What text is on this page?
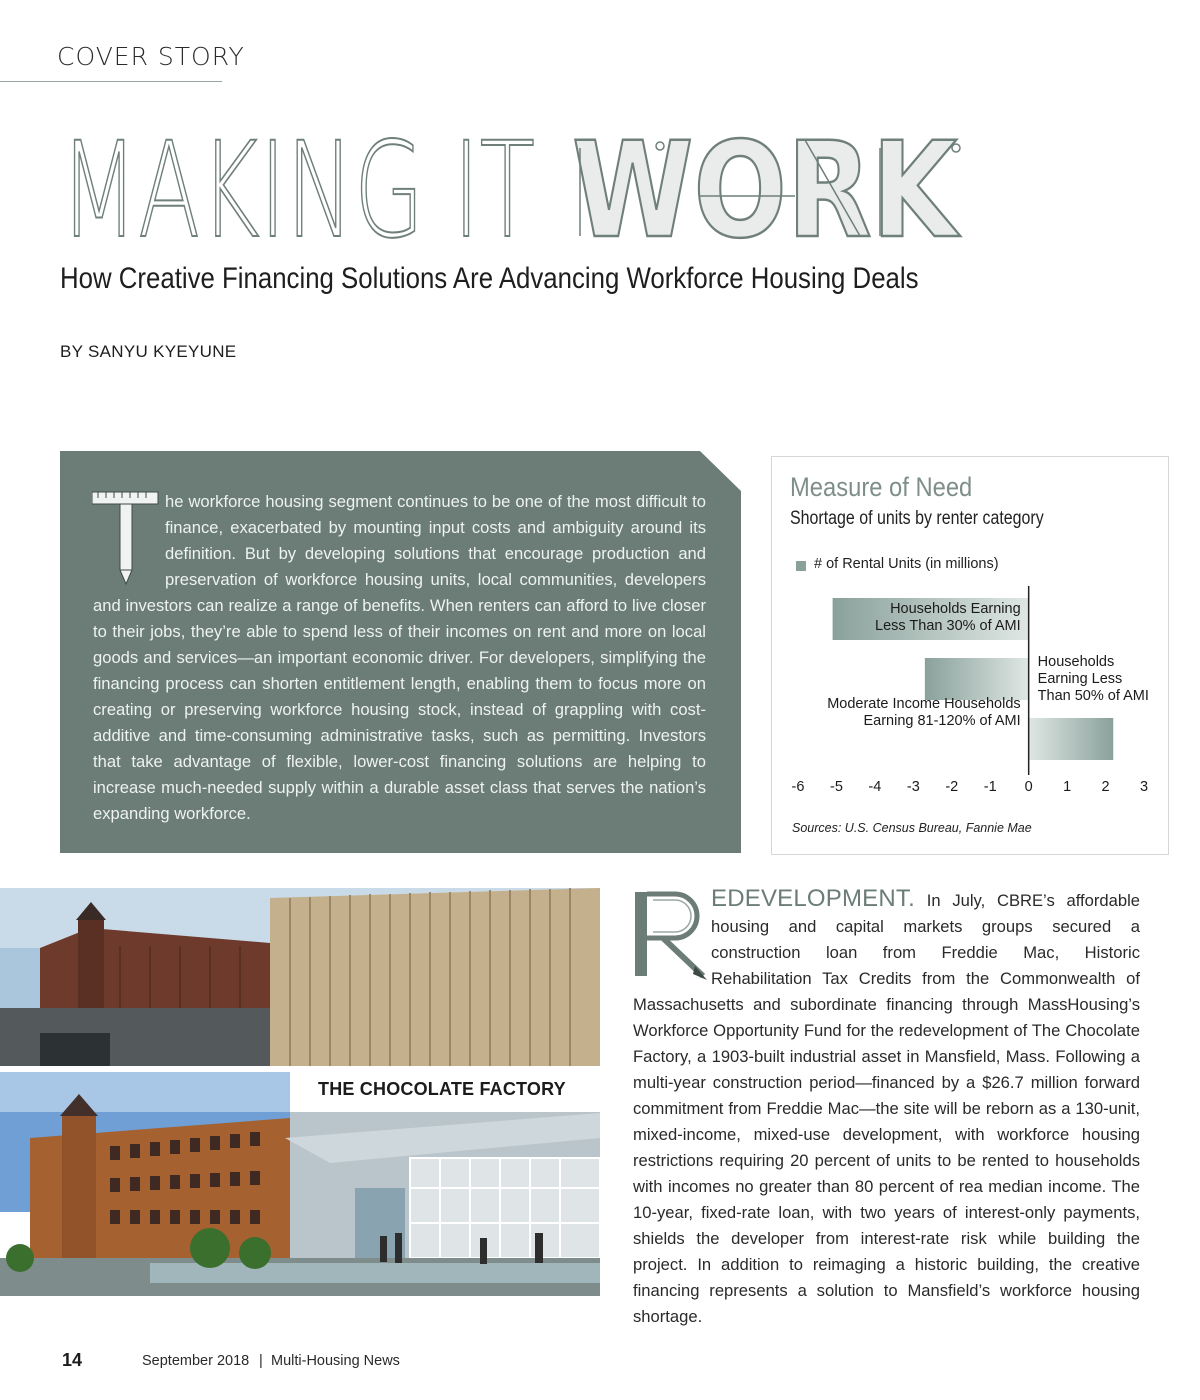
COVER STORY
MAKING IT WORK
How Creative Financing Solutions Are Advancing Workforce Housing Deals
BY SANYU KYEYUNE
he workforce housing segment continues to be one of the most difficult to finance, exacerbated by mounting input costs and ambiguity around its definition. But by developing solutions that encourage production and preservation of workforce housing units, local communities, developers and investors can realize a range of benefits. When renters can afford to live closer to their jobs, they’re able to spend less of their incomes on rent and more on local goods and services—an important economic driver. For developers, simplifying the financing process can shorten entitlement length, enabling them to focus more on creating or preserving workforce housing stock, instead of grappling with cost-additive and time-consuming administrative tasks, such as permitting. Investors that take advantage of flexible, lower-cost financing solutions are helping to increase much-needed supply within a durable asset class that serves the nation’s expanding workforce.
Measure of Need
Shortage of units by renter category
# of Rental Units (in millions)
Households Earning Less Than 30% of AMI
Households Earning Less Than 50% of AMI
Moderate Income Households Earning 81-120% of AMI
-6 -5 -4 -3 -2 -1 0 1 2 3
Sources: U.S. Census Bureau, Fannie Mae
THE CHOCOLATE FACTORY
EDEVELOPMENT. In July, CBRE’s affordable housing and capital markets groups secured a construction loan from Freddie Mac, Historic Rehabilitation Tax Credits from the Commonwealth of Massachusetts and subordinate financing through MassHousing’s Workforce Opportunity Fund for the redevelopment of The Chocolate Factory, a 1903-built industrial asset in Mansfield, Mass. Following a multi-year construction period—financed by a $26.7 million forward commitment from Freddie Mac—the site will be reborn as a 130-unit, mixed-income, mixed-use development, with workforce housing restrictions requiring 20 percent of units to be rented to households with incomes no greater than 80 percent of rea median income. The 10-year, fixed-rate loan, with two years of interest-only payments, shields the developer from interest-rate risk while building the project. In addition to reimaging a historic building, the creative financing represents a solution to Mansfield’s workforce housing shortage.
14	September 2018 | Multi-Housing News
